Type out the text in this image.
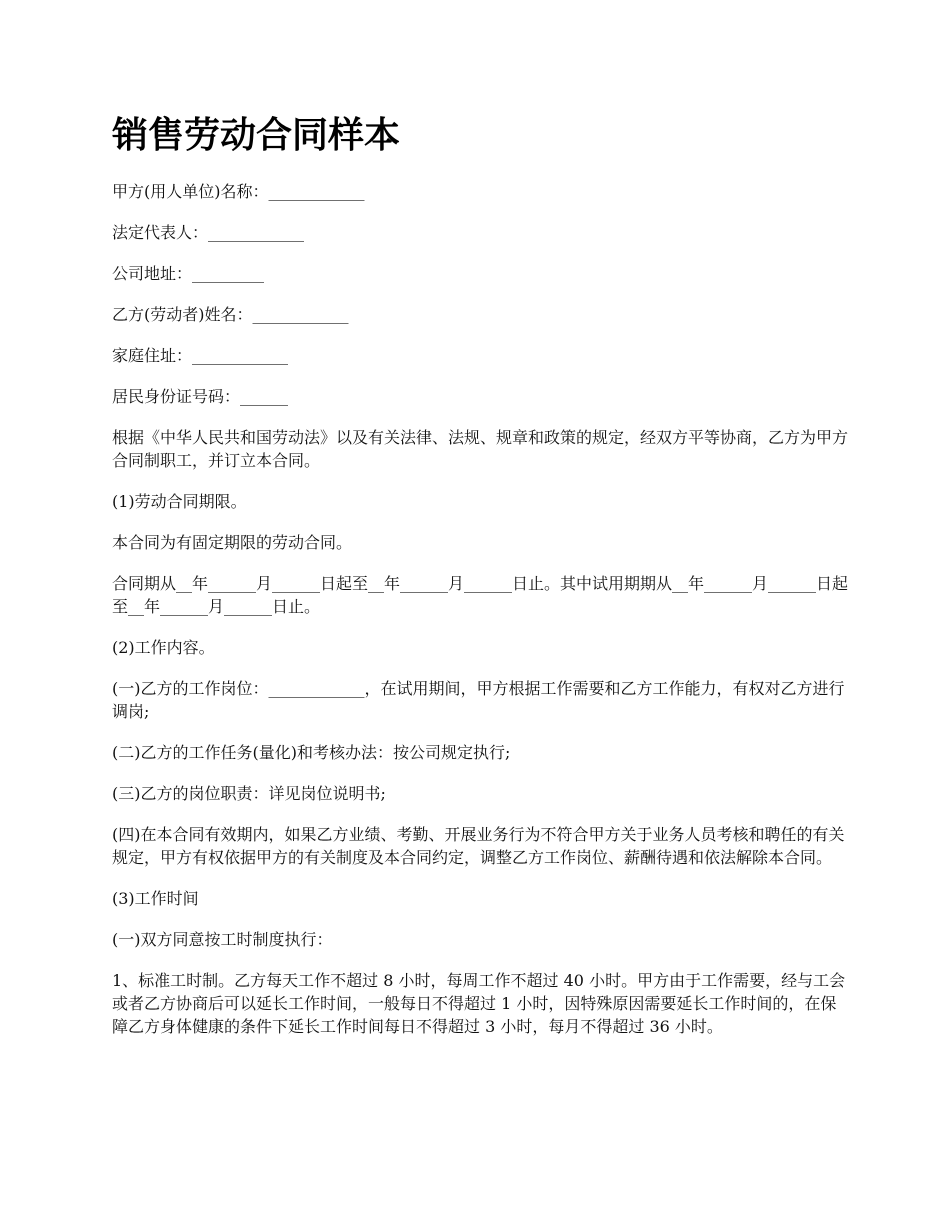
销售劳动合同样本

甲方(用人单位)名称：____________

法定代表人：____________

公司地址：_________

乙方(劳动者)姓名：____________

家庭住址：____________

居民身份证号码：______

根据《中华人民共和国劳动法》以及有关法律、法规、规章和政策的规定，经双方平等协商，乙方为甲方合同制职工，并订立本合同。

(1)劳动合同期限。

本合同为有固定期限的劳动合同。

合同期从__年______月______日起至__年______月______日止。其中试用期期从__年______月______日起至__年______月______日止。

(2)工作内容。

(一)乙方的工作岗位：____________，在试用期间，甲方根据工作需要和乙方工作能力，有权对乙方进行调岗;

(二)乙方的工作任务(量化)和考核办法：按公司规定执行;

(三)乙方的岗位职责：详见岗位说明书;

(四)在本合同有效期内，如果乙方业绩、考勤、开展业务行为不符合甲方关于业务人员考核和聘任的有关规定，甲方有权依据甲方的有关制度及本合同约定，调整乙方工作岗位、薪酬待遇和依法解除本合同。

(3)工作时间

(一)双方同意按工时制度执行：

1、标准工时制。乙方每天工作不超过 8 小时，每周工作不超过 40 小时。甲方由于工作需要，经与工会或者乙方协商后可以延长工作时间，一般每日不得超过 1 小时，因特殊原因需要延长工作时间的，在保障乙方身体健康的条件下延长工作时间每日不得超过 3 小时，每月不得超过 36 小时。
